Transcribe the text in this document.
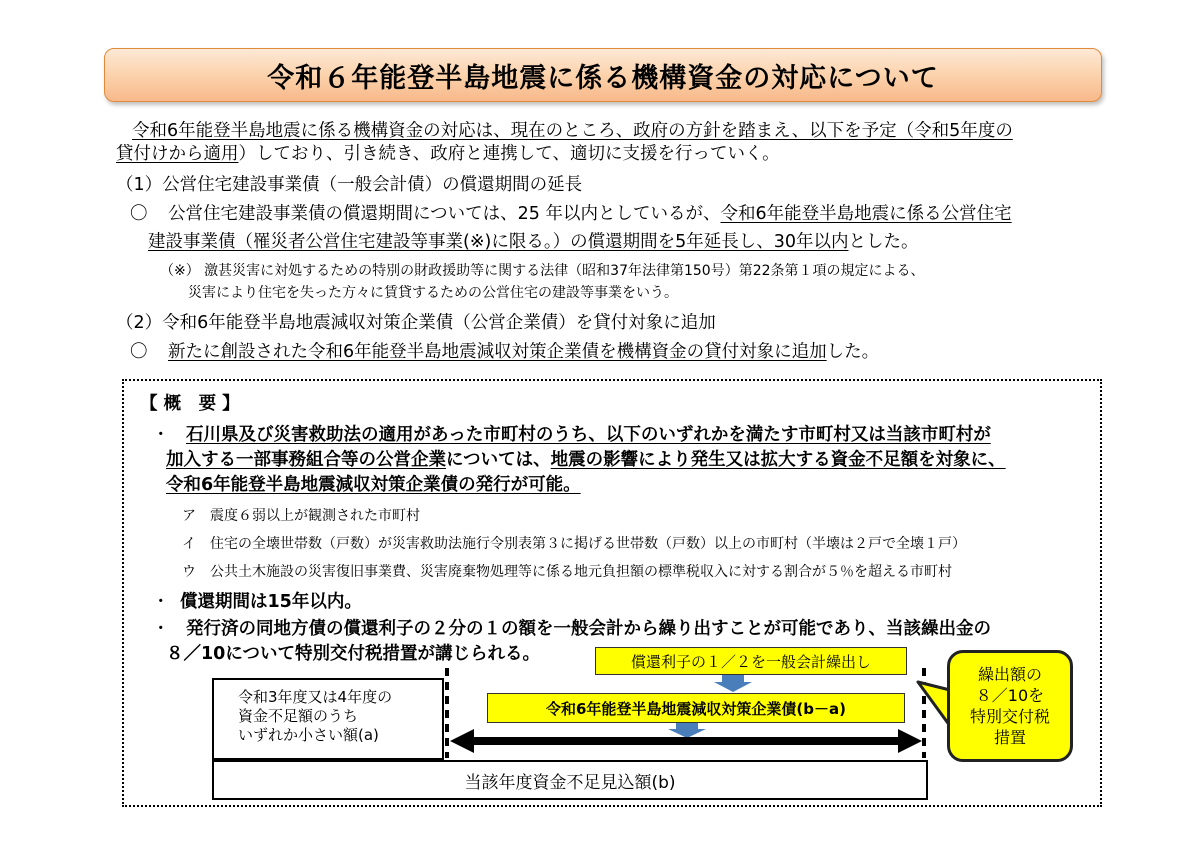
令和６年能登半島地震に係る機構資金の対応について
令和6年能登半島地震に係る機構資金の対応は、現在のところ、政府の方針を踏まえ、以下を予定（令和5年度の
貸付けから適用）しており、引き続き、政府と連携して、適切に支援を行っていく。
（1）公営住宅建設事業債（一般会計債）の償還期間の延長
〇 公営住宅建設事業債の償還期間については、25 年以内としているが、令和6年能登半島地震に係る公営住宅
建設事業債（罹災者公営住宅建設等事業(※)に限る。）の償還期間を5年延長し、30年以内とした。
（※） 激甚災害に対処するための特別の財政援助等に関する法律（昭和37年法律第150号）第22条第１項の規定による、
災害により住宅を失った方々に賃貸するための公営住宅の建設等事業をいう。
（2）令和6年能登半島地震減収対策企業債（公営企業債）を貸付対象に追加
〇 新たに創設された令和6年能登半島地震減収対策企業債を機構資金の貸付対象に追加した。
【 概　要 】
・ 石川県及び災害救助法の適用があった市町村のうち、以下のいずれかを満たす市町村又は当該市町村が
加入する一部事務組合等の公営企業については、地震の影響により発生又は拡大する資金不足額を対象に、
令和6年能登半島地震減収対策企業債の発行が可能。
ア　震度６弱以上が観測された市町村
イ　住宅の全壊世帯数（戸数）が災害救助法施行令別表第３に掲げる世帯数（戸数）以上の市町村（半壊は２戸で全壊１戸）
ウ　公共土木施設の災害復旧事業費、災害廃棄物処理等に係る地元負担額の標準税収入に対する割合が５％を超える市町村
・ 償還期間は15年以内。
・ 発行済の同地方債の償還利子の２分の１の額を一般会計から繰り出すことが可能であり、当該繰出金の
８／10について特別交付税措置が講じられる。
令和3年度又は4年度の
資金不足額のうち
いずれか小さい額(a)
当該年度資金不足見込額(b)
償還利子の１／２を一般会計繰出し
令和6年能登半島地震減収対策企業債(b－a)
繰出額の
８／10を
特別交付税
措置
